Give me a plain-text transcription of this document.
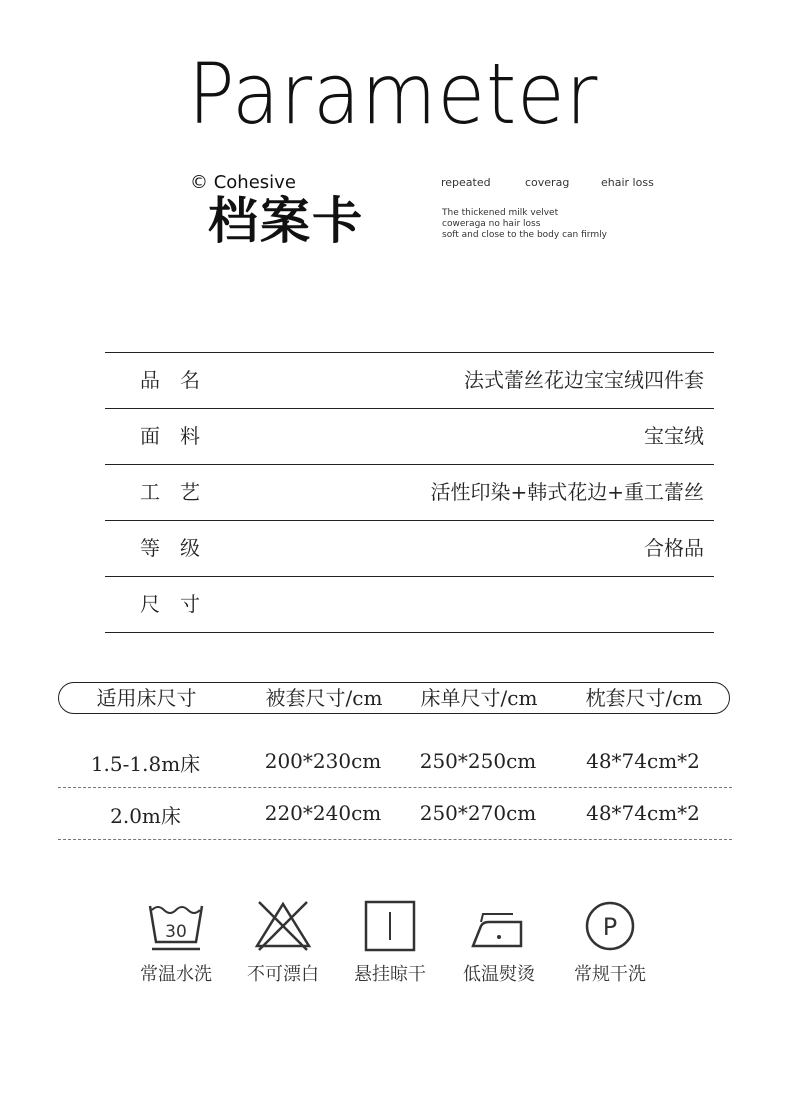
Parameter
© Cohesive
档案卡
repeated	coverag	ehair loss
The thickened milk velvet
coweraga no hair loss
soft and close to the body can firmly
品名	法式蕾丝花边宝宝绒四件套
面料	宝宝绒
工艺	活性印染+韩式花边+重工蕾丝
等级	合格品
尺寸
适用床尺寸	被套尺寸/cm	床单尺寸/cm	枕套尺寸/cm
1.5-1.8m床	200*230cm	250*250cm	48*74cm*2
2.0m床	220*240cm	250*270cm	48*74cm*2
30
常温水洗	不可漂白	悬挂晾干	低温熨烫
P
常规干洗
